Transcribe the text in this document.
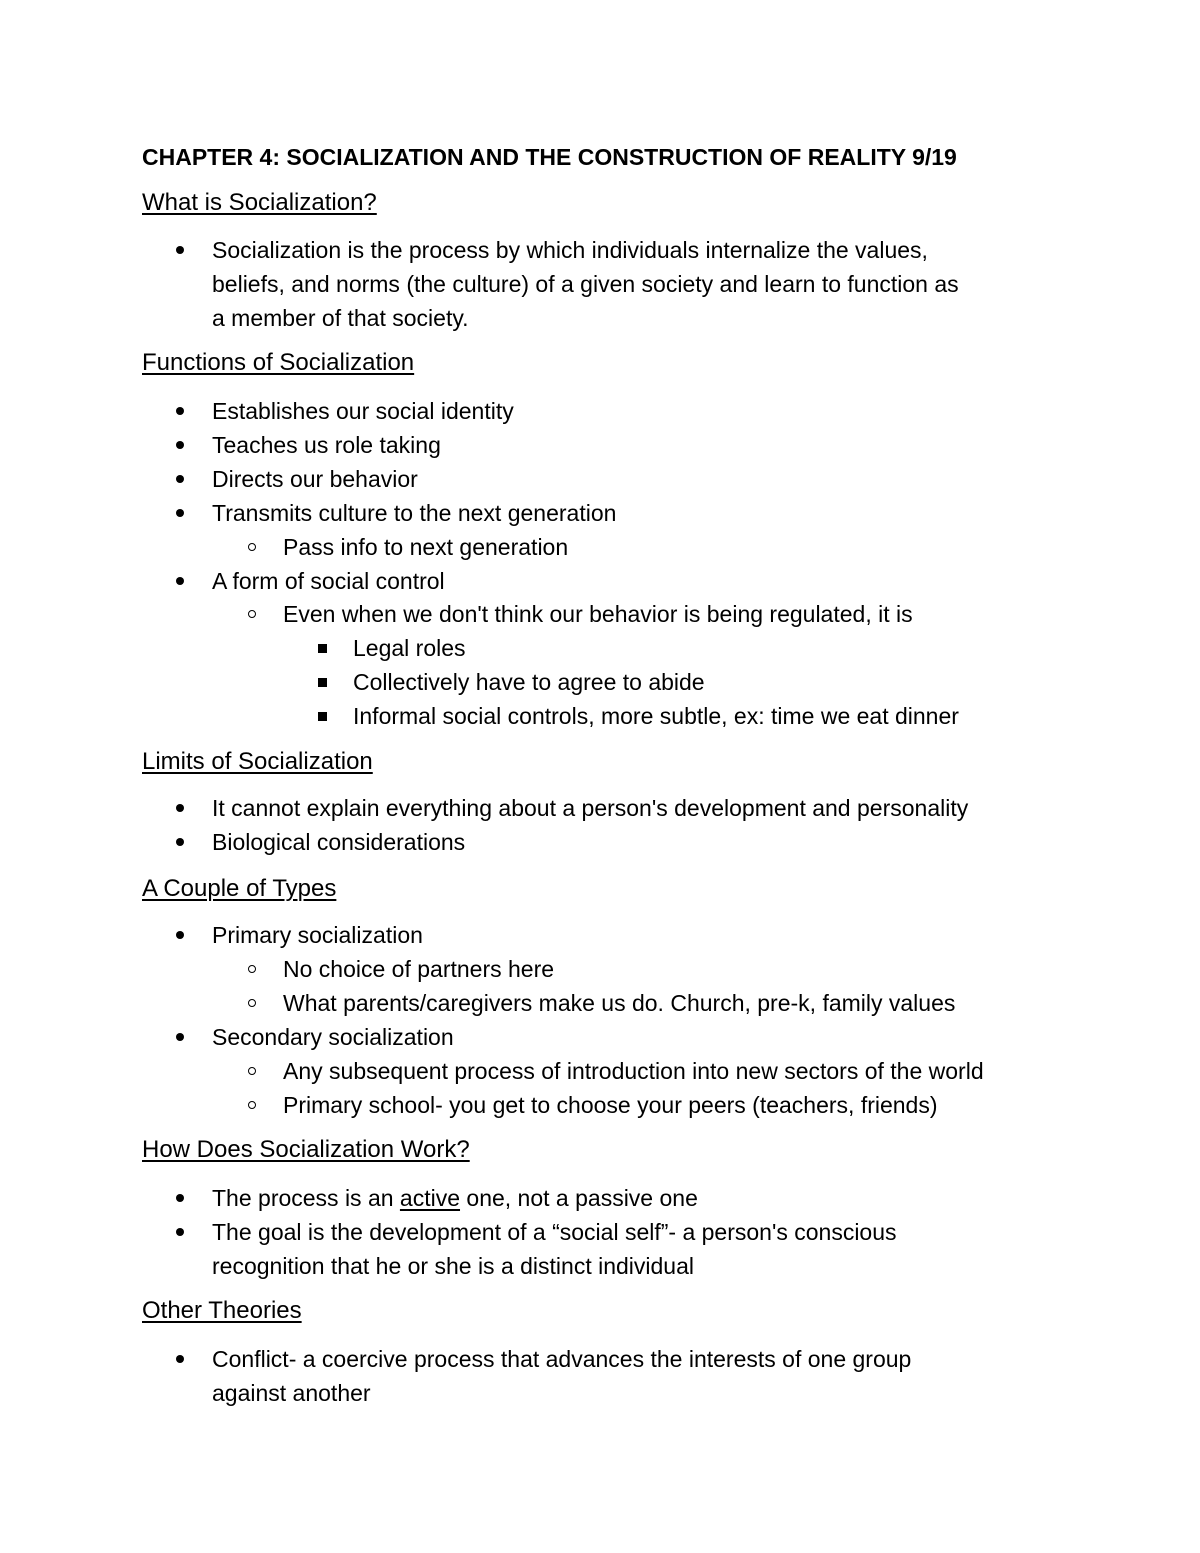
CHAPTER 4: SOCIALIZATION AND THE CONSTRUCTION OF REALITY 9/19
What is Socialization?
Socialization is the process by which individuals internalize the values,
beliefs, and norms (the culture) of a given society and learn to function as
a member of that society.
Functions of Socialization
Establishes our social identity
Teaches us role taking
Directs our behavior
Transmits culture to the next generation
Pass info to next generation
A form of social control
Even when we don't think our behavior is being regulated, it is
Legal roles
Collectively have to agree to abide
Informal social controls, more subtle, ex: time we eat dinner
Limits of Socialization
It cannot explain everything about a person's development and personality
Biological considerations
A Couple of Types
Primary socialization
No choice of partners here
What parents/caregivers make us do. Church, pre-k, family values
Secondary socialization
Any subsequent process of introduction into new sectors of the world
Primary school- you get to choose your peers (teachers, friends)
How Does Socialization Work?
The process is an active one, not a passive one
The goal is the development of a “social self”- a person's conscious
recognition that he or she is a distinct individual
Other Theories
Conflict- a coercive process that advances the interests of one group
against another
